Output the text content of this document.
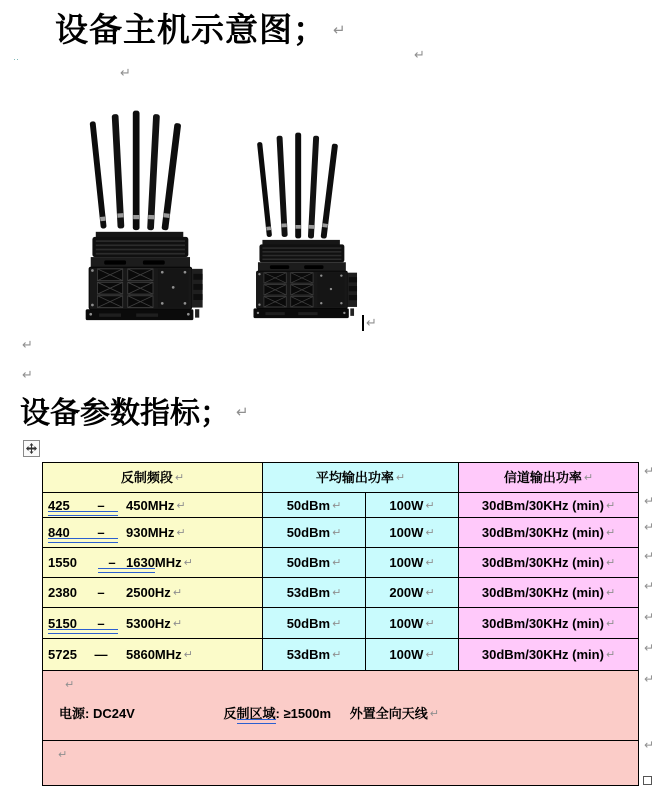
设备主机示意图； ↵
‥	↵
↵
↵
↵
↵
设备参数指标； ↵
反制频段 ↵	平均输出功率 ↵		信道输出功率 ↵
425 – 450MHz ↵	50dBm ↵	100W ↵	30dBm/30KHz (min) ↵
840 – 930MHz ↵	50dBm ↵	100W ↵	30dBm/30KHz (min) ↵
1550 – 1630MHz ↵	50dBm ↵	100W ↵	30dBm/30KHz (min) ↵
2380 – 2500Hz ↵	53dBm ↵	200W ↵	30dBm/30KHz (min) ↵
5150 – 5300Hz ↵	50dBm ↵	100W ↵	30dBm/30KHz (min) ↵
5725 — 5860MHz ↵	53dBm ↵	100W ↵	30dBm/30KHz (min) ↵

↵
电源: DC24V 反制区域: ≥1500m 外置全向天线 ↵			

↵			
↵
↵
↵
↵
↵
↵
↵
↵
↵
